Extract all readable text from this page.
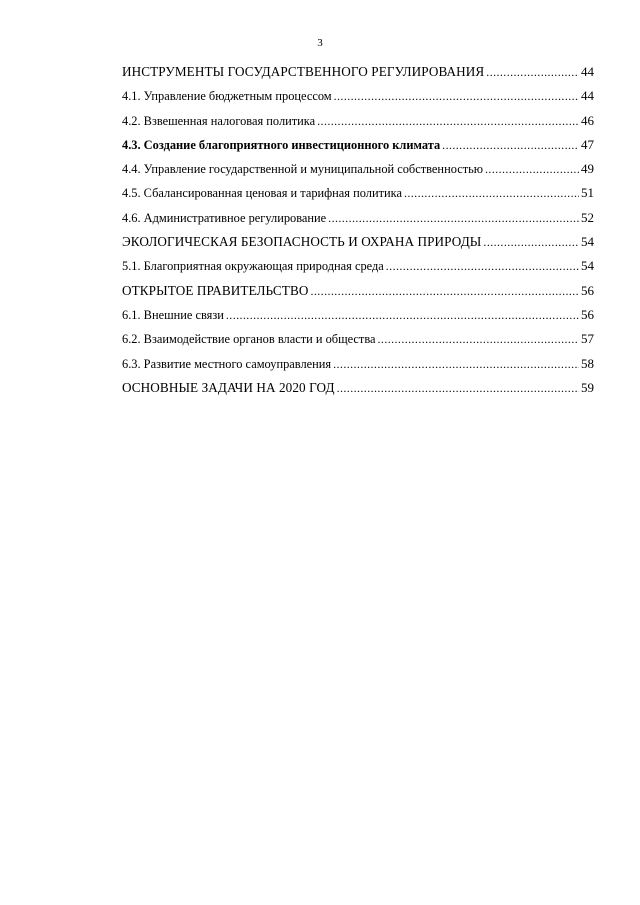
3
ИНСТРУМЕНТЫ ГОСУДАРСТВЕННОГО РЕГУЛИРОВАНИЯ .....	44
4.1. Управление бюджетным процессом .....	44
4.2. Взвешенная налоговая политика .....	46
4.3. Создание благоприятного инвестиционного климата .....	47
4.4. Управление государственной и муниципальной собственностью .....	49
4.5. Сбалансированная ценовая и тарифная политика .....	51
4.6. Административное регулирование .....	52
ЭКОЛОГИЧЕСКАЯ БЕЗОПАСНОСТЬ И ОХРАНА ПРИРОДЫ .....	54
5.1. Благоприятная окружающая природная среда .....	54
ОТКРЫТОЕ ПРАВИТЕЛЬСТВО .....	56
6.1. Внешние связи .....	56
6.2. Взаимодействие органов власти и общества .....	57
6.3. Развитие местного самоуправления .....	58
ОСНОВНЫЕ ЗАДАЧИ НА 2020 ГОД .....	59
